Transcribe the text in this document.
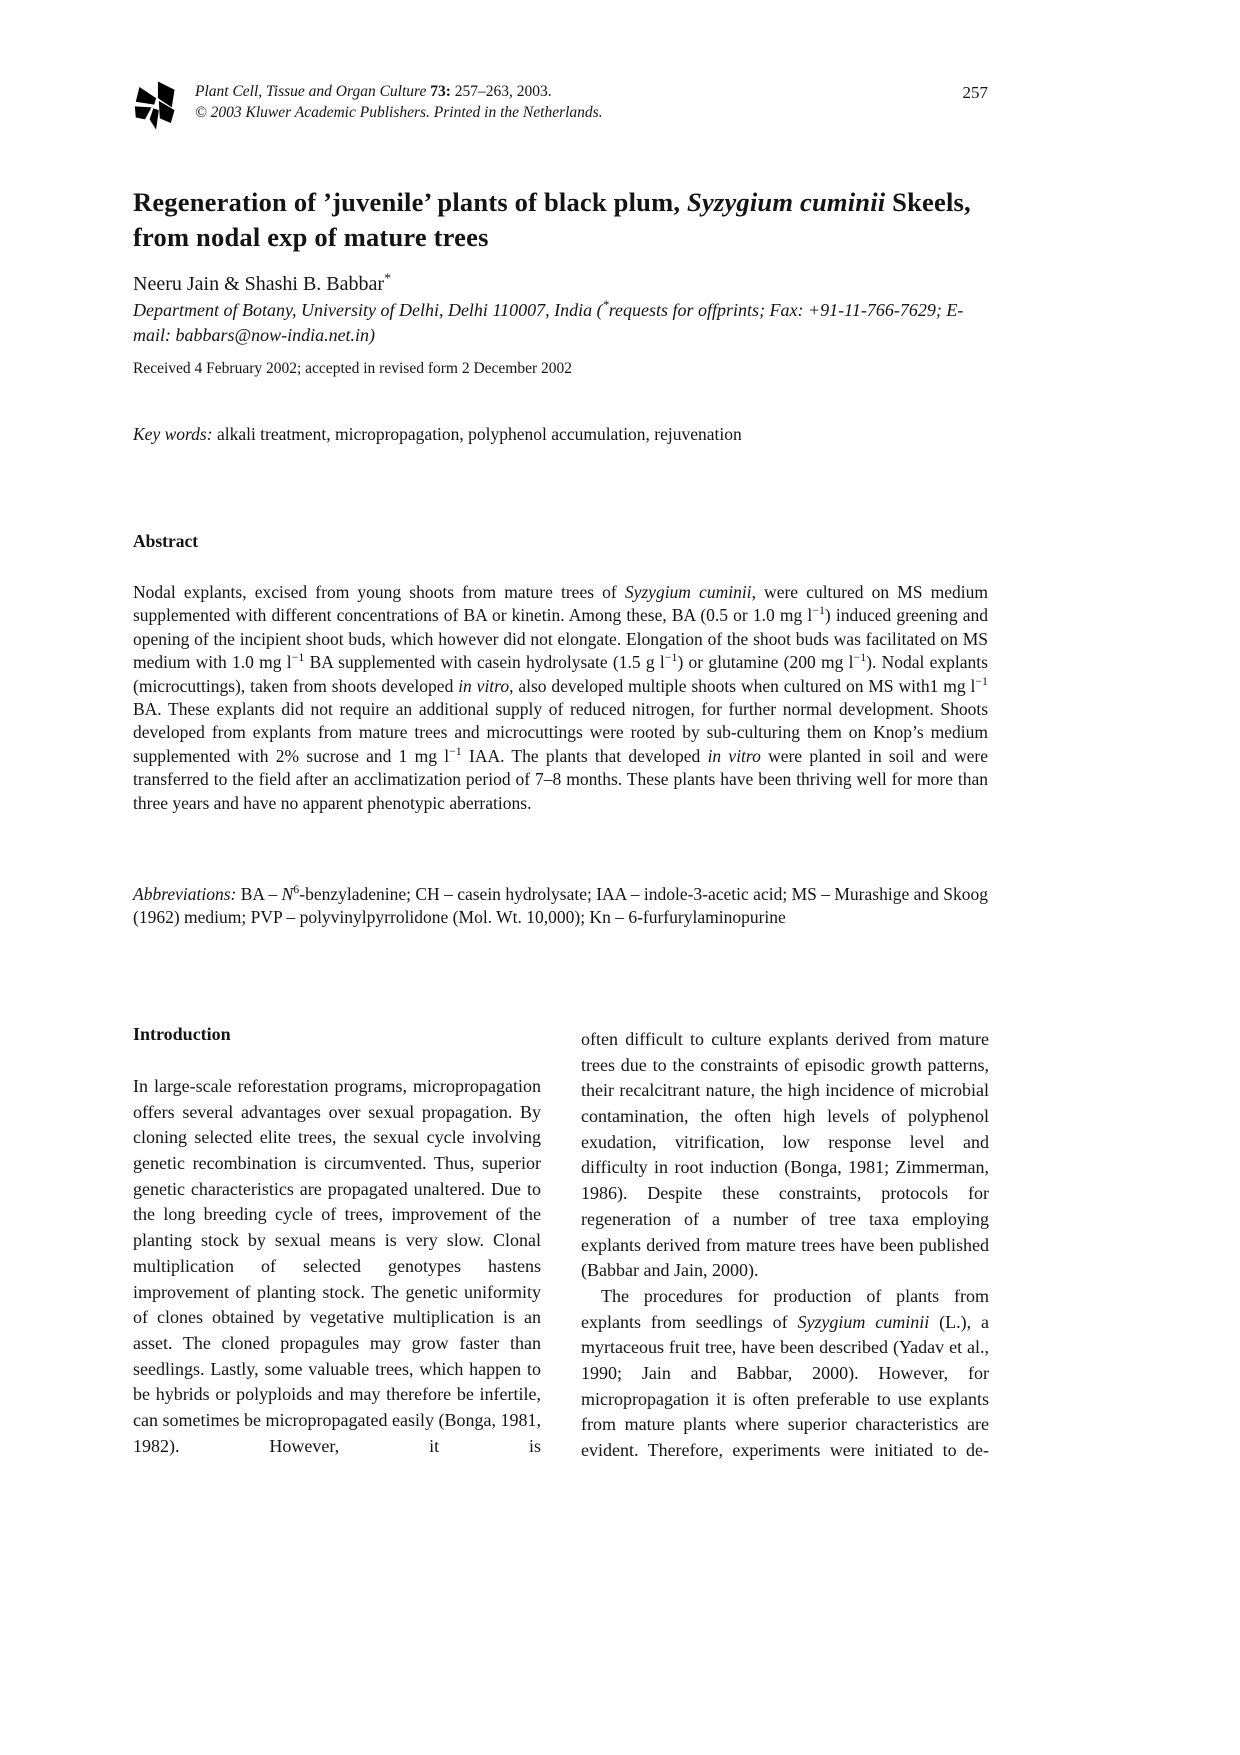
Plant Cell, Tissue and Organ Culture 73: 257–263, 2003.
© 2003 Kluwer Academic Publishers. Printed in the Netherlands.
257
Regeneration of ’juvenile’ plants of black plum, Syzygium cuminii Skeels, from nodal exp of mature trees
Neeru Jain & Shashi B. Babbar*
Department of Botany, University of Delhi, Delhi 110007, India (*requests for offprints; Fax: +91-11-766-7629; E-mail: babbars@now-india.net.in)
Received 4 February 2002; accepted in revised form 2 December 2002
Key words: alkali treatment, micropropagation, polyphenol accumulation, rejuvenation
Abstract

Nodal explants, excised from young shoots from mature trees of Syzygium cuminii, were cultured on MS medium supplemented with different concentrations of BA or kinetin. Among these, BA (0.5 or 1.0 mg $l^{-1}$) induced greening and opening of the incipient shoot buds, which however did not elongate. Elongation of the shoot buds was facilitated on MS medium with 1.0 mg $l^{-1}$ BA supplemented with casein hydrolysate (1.5 g $l^{-1}$) or glutamine (200 mg $l^{-1}$). Nodal explants (microcuttings), taken from shoots developed in vitro, also developed multiple shoots when cultured on MS with1 mg $l^{-1}$ BA. These explants did not require an additional supply of reduced nitrogen, for further normal development. Shoots developed from explants from mature trees and microcuttings were rooted by sub-culturing them on Knop’s medium supplemented with 2% sucrose and 1 mg $l^{-1}$ IAA. The plants that developed in vitro were planted in soil and were transferred to the field after an acclimatization period of 7–8 months. These plants have been thriving well for more than three years and have no apparent phenotypic aberrations.

Abbreviations: BA – $N^6$-benzyladenine; CH – casein hydrolysate; IAA – indole-3-acetic acid; MS – Murashige and Skoog (1962) medium; PVP – polyvinylpyrrolidone (Mol. Wt. 10,000); Kn – 6-furfurylaminopurine

Introduction

In large-scale reforestation programs, micropropagation offers several advantages over sexual propagation. By cloning selected elite trees, the sexual cycle involving genetic recombination is circumvented. Thus, superior genetic characteristics are propagated unaltered. Due to the long breeding cycle of trees, improvement of the planting stock by sexual means is very slow. Clonal multiplication of selected genotypes hastens improvement of planting stock. The genetic uniformity of clones obtained by vegetative multiplication is an asset. The cloned propagules may grow faster than seedlings. Lastly, some valuable trees, which happen to be hybrids or polyploids and may therefore be infertile, can sometimes be micropropagated easily (Bonga, 1981, 1982). However, it is

often difficult to culture explants derived from mature trees due to the constraints of episodic growth patterns, their recalcitrant nature, the high incidence of microbial contamination, the often high levels of polyphenol exudation, vitrification, low response level and difficulty in root induction (Bonga, 1981; Zimmerman, 1986). Despite these constraints, protocols for regeneration of a number of tree taxa employing explants derived from mature trees have been published (Babbar and Jain, 2000).

The procedures for production of plants from explants from seedlings of Syzygium cuminii (L.), a myrtaceous fruit tree, have been described (Yadav et al., 1990; Jain and Babbar, 2000). However, for micropropagation it is often preferable to use explants from mature plants where superior characteristics are evident. Therefore, experiments were initiated to de-
